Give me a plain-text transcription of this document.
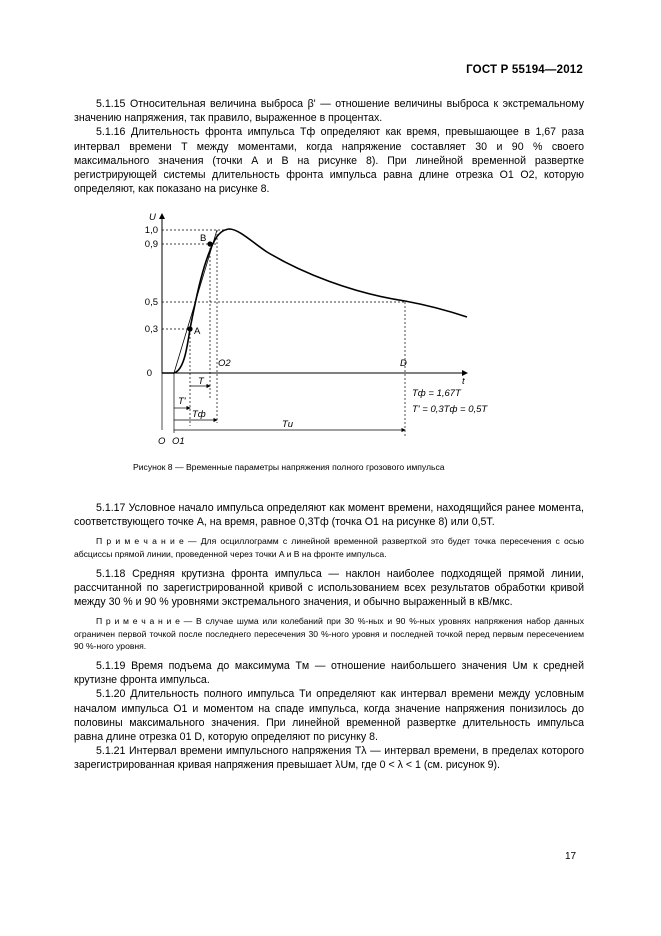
ГОСТ Р 55194—2012

5.1.15 Относительная величина выброса β' — отношение величины выброса к экстремальному значению напряжения, так правило, выраженное в процентах.

5.1.16 Длительность фронта импульса Tф определяют как время, превышающее в 1,67 раза интервал времени T между моментами, когда напряжение составляет 30 и 90 % своего максимального значения (точки A и B на рисунке 8). При линейной временной развертке регистрирующей системы длительность фронта импульса равна длине отрезка O1 O2, которую определяют, как показано на рисунке 8.

U
t
1,0
0,9
0,5
0,3
0
A
B
O2	D
O O1
T
T'
Tф
Tи
Tф = 1,67T
T' = 0,3Tф = 0,5T
Рисунок 8 — Временные параметры напряжения полного грозового импульса

5.1.17 Условное начало импульса определяют как момент времени, находящийся ранее момента, соответствующего точке A, на время, равное 0,3Tф (точка O1 на рисунке 8) или 0,5T.

П р и м е ч а н и е — Для осциллограмм с линейной временной разверткой это будет точка пересечения с осью абсциссы прямой линии, проведенной через точки A и B на фронте импульса.

5.1.18 Средняя крутизна фронта импульса — наклон наиболее подходящей прямой линии, рассчитанной по зарегистрированной кривой с использованием всех результатов обработки кривой между 30 % и 90 % уровнями экстремального значения, и обычно выраженный в кВ/мкс.

П р и м е ч а н и е — В случае шума или колебаний при 30 %-ных и 90 %-ных уровнях напряжения набор данных ограничен первой точкой после последнего пересечения 30 %-ного уровня и последней точкой перед первым пересечением 90 %-ного уровня.

5.1.19 Время подъема до максимума Tм — отношение наибольшего значения Uм к средней крутизне фронта импульса.

5.1.20 Длительность полного импульса Tи определяют как интервал времени между условным началом импульса O1 и моментом на спаде импульса, когда значение напряжения понизилось до половины максимального значения. При линейной временной развертке длительность импульса равна длине отрезка 01 D, которую определяют по рисунку 8.

5.1.21 Интервал времени импульсного напряжения Tλ — интервал времени, в пределах которого зарегистрированная кривая напряжения превышает λUм, где 0 < λ < 1 (см. рисунок 9).

17
